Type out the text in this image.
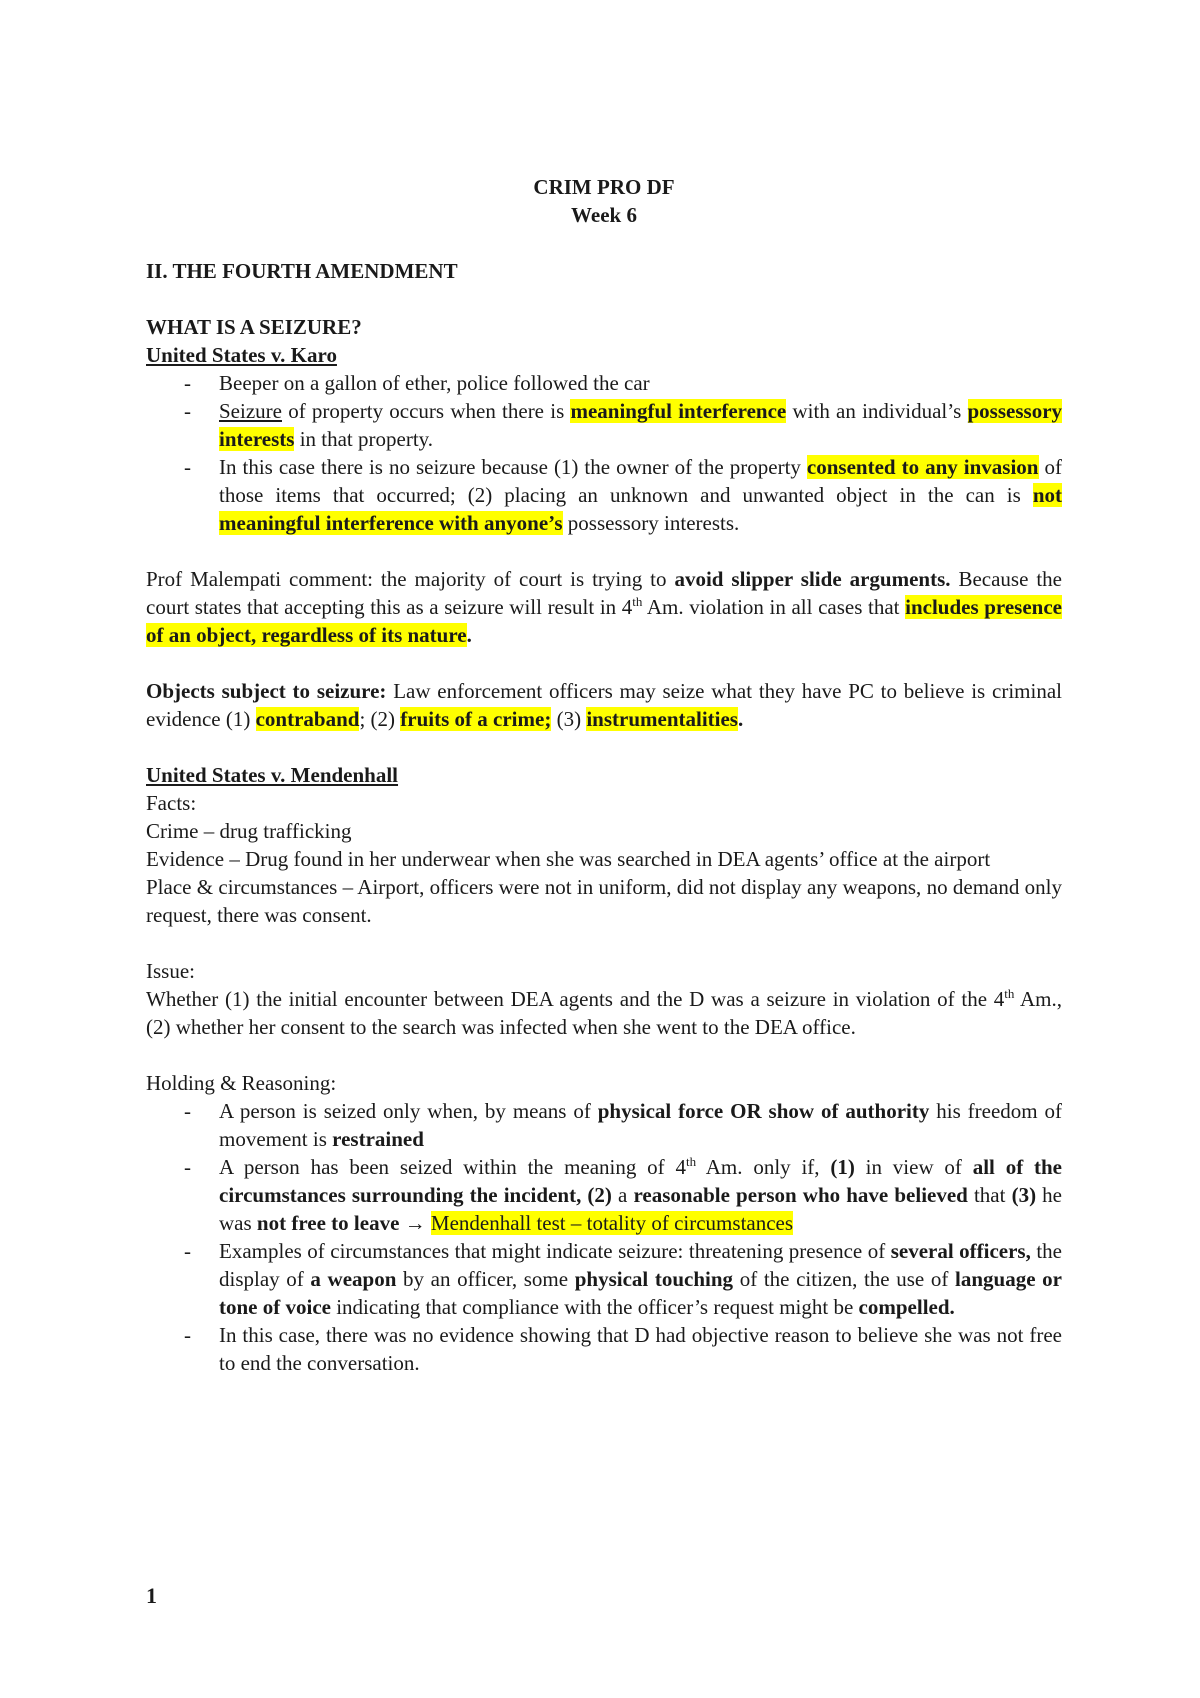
CRIM PRO DF

Week 6

II. THE FOURTH AMENDMENT

WHAT IS A SEIZURE?

United States v. Karo

- Beeper on a gallon of ether, police followed the car
- Seizure of property occurs when there is meaningful interference with an individual’s possessory interests in that property.
- In this case there is no seizure because (1) the owner of the property consented to any invasion of those items that occurred; (2) placing an unknown and unwanted object in the can is not meaningful interference with anyone’s possessory interests.

Prof Malempati comment: the majority of court is trying to avoid slipper slide arguments. Because the court states that accepting this as a seizure will result in 4th Am. violation in all cases that includes presence of an object, regardless of its nature.

Objects subject to seizure: Law enforcement officers may seize what they have PC to believe is criminal evidence (1) contraband; (2) fruits of a crime; (3) instrumentalities.

United States v. Mendenhall

Facts:

Crime – drug trafficking

Evidence – Drug found in her underwear when she was searched in DEA agents’ office at the airport

Place & circumstances – Airport, officers were not in uniform, did not display any weapons, no demand only request, there was consent.

Issue:

Whether (1) the initial encounter between DEA agents and the D was a seizure in violation of the 4th Am., (2) whether her consent to the search was infected when she went to the DEA office.

Holding & Reasoning:

- A person is seized only when, by means of physical force OR show of authority his freedom of movement is restrained
- A person has been seized within the meaning of 4th Am. only if, (1) in view of all of the circumstances surrounding the incident, (2) a reasonable person who have believed that (3) he was not free to leave → Mendenhall test – totality of circumstances
- Examples of circumstances that might indicate seizure: threatening presence of several officers, the display of a weapon by an officer, some physical touching of the citizen, the use of language or tone of voice indicating that compliance with the officer’s request might be compelled.
- In this case, there was no evidence showing that D had objective reason to believe she was not free to end the conversation.
1
